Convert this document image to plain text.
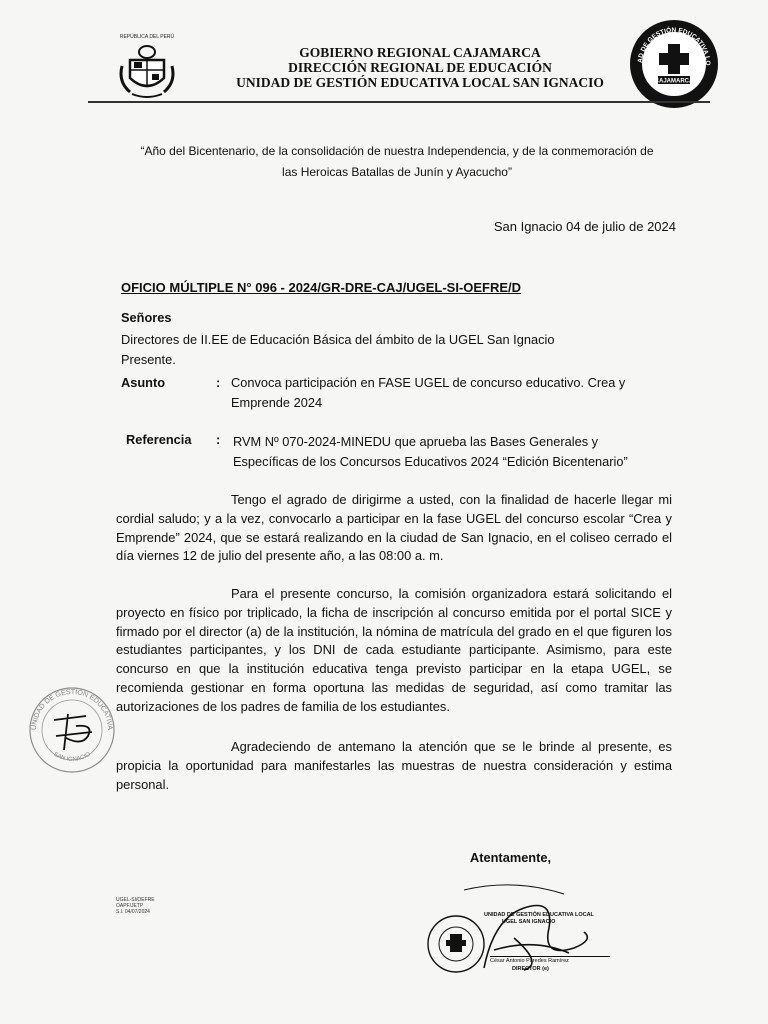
REPÚBLICA DEL PERÚ
GOBIERNO REGIONAL CAJAMARCA
DIRECCIÓN REGIONAL DE EDUCACIÓN
UNIDAD DE GESTIÓN EDUCATIVA LOCAL SAN IGNACIO
AD DE GESTIÓN EDUCATIVA LO
SAN IGNACIO
CAJAMARCA
“Año del Bicentenario, de la consolidación de nuestra Independencia, y de la conmemoración de
las Heroicas Batallas de Junín y Ayacucho”
San Ignacio 04 de julio de 2024
OFICIO MÚLTIPLE N° 096 - 2024/GR-DRE-CAJ/UGEL-SI-OEFRE/D
Señores
Directores de II.EE de Educación Básica del ámbito de la UGEL San Ignacio
Presente.
Asunto	: Convoca participación en FASE UGEL de concurso educativo. Crea y
Emprende 2024
Referencia : RVM Nº 070-2024-MINEDU que aprueba las Bases Generales y
Específicas de los Concursos Educativos 2024 “Edición Bicentenario”
Tengo el agrado de dirigirme a usted, con la finalidad de hacerle llegar mi cordial saludo; y a la vez, convocarlo a participar en la fase UGEL del concurso escolar “Crea y Emprende” 2024, que se estará realizando en la ciudad de San Ignacio, en el coliseo cerrado el día viernes 12 de julio del presente año, a las 08:00 a. m.
Para el presente concurso, la comisión organizadora estará solicitando el proyecto en físico por triplicado, la ficha de inscripción al concurso emitida por el portal SICE y firmado por el director (a) de la institución, la nómina de matrícula del grado en el que figuren los estudiantes participantes, y los DNI de cada estudiante participante. Asimismo, para este concurso en que la institución educativa tenga previsto participar en la etapa UGEL, se recomienda gestionar en forma oportuna las medidas de seguridad, así como tramitar las autorizaciones de los padres de familia de los estudiantes.
Agradeciendo de antemano la atención que se le brinde al presente, es propicia la oportunidad para manifestarles las muestras de nuestra consideración y estima personal.
UNIDAD DE GESTIÓN EDUCATIVA
SAN IGNACIO
Atentamente,
UGEL-SI/OEFRE
OAPF/JETP
S.I. 04/07/2024	UNIDAD DE GESTIÓN EDUCATIVA LOCAL
UGEL SAN IGNACIO
César Antonio Paredes Ramírez
DIRECTOR (e)
